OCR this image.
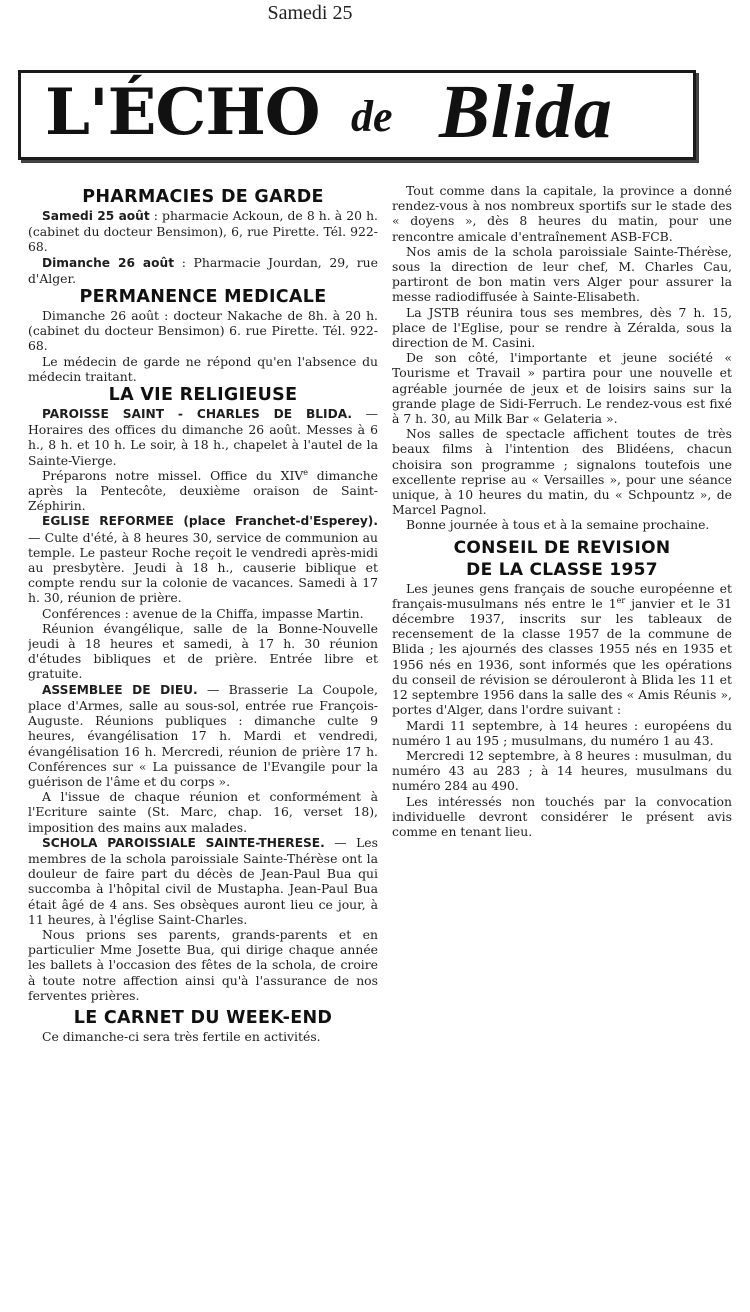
Samedi 25
L'ÉCHO de Blida
PHARMACIES DE GARDE

Samedi 25 août : pharmacie Ackoun, de 8 h. à 20 h. (cabinet du docteur Bensimon), 6, rue Pirette. Tél. 922-68.

Dimanche 26 août : Pharmacie Jourdan, 29, rue d'Alger.

PERMANENCE MEDICALE

Dimanche 26 août : docteur Nakache de 8h. à 20 h. (cabinet du docteur Bensimon) 6. rue Pirette. Tél. 922-68.

Le médecin de garde ne répond qu'en l'absence du médecin traitant.

LA VIE RELIGIEUSE

PAROISSE SAINT - CHARLES DE BLIDA. — Horaires des offices du dimanche 26 août. Messes à 6 h., 8 h. et 10 h. Le soir, à 18 h., chapelet à l'autel de la Sainte-Vierge.

Préparons notre missel. Office du XIVe dimanche après la Pentecôte, deuxième oraison de Saint-Zéphirin.

EGLISE REFORMEE (place Franchet-d'Esperey). — Culte d'été, à 8 heures 30, service de communion au temple. Le pasteur Roche reçoit le vendredi après-midi au presbytère. Jeudi à 18 h., causerie biblique et compte rendu sur la colonie de vacances. Samedi à 17 h. 30, réunion de prière.

Conférences : avenue de la Chiffa, impasse Martin.

Réunion évangélique, salle de la Bonne-Nouvelle jeudi à 18 heures et samedi, à 17 h. 30 réunion d'études bibliques et de prière. Entrée libre et gratuite.

ASSEMBLEE DE DIEU. — Brasserie La Coupole, place d'Armes, salle au sous-sol, entrée rue François-Auguste. Réunions publiques : dimanche culte 9 heures, évangélisation 17 h. Mardi et vendredi, évangélisation 16 h. Mercredi, réunion de prière 17 h. Conférences sur « La puissance de l'Evangile pour la guérison de l'âme et du corps ».

A l'issue de chaque réunion et conformément à l'Ecriture sainte (St. Marc, chap. 16, verset 18), imposition des mains aux malades.

SCHOLA PAROISSIALE SAINTE-THERESE. — Les membres de la schola paroissiale Sainte-Thérèse ont la douleur de faire part du décès de Jean-Paul Bua qui succomba à l'hôpital civil de Mustapha. Jean-Paul Bua était âgé de 4 ans. Ses obsèques auront lieu ce jour, à 11 heures, à l'église Saint-Charles.

Nous prions ses parents, grands-parents et en particulier Mme Josette Bua, qui dirige chaque année les ballets à l'occasion des fêtes de la schola, de croire à toute notre affection ainsi qu'à l'assurance de nos ferventes prières.

LE CARNET DU WEEK-END

Ce dimanche-ci sera très fertile en activités.

Tout comme dans la capitale, la province a donné rendez-vous à nos nombreux sportifs sur le stade des « doyens », dès 8 heures du matin, pour une rencontre amicale d'entraînement ASB-FCB.

Nos amis de la schola paroissiale Sainte-Thérèse, sous la direction de leur chef, M. Charles Cau, partiront de bon matin vers Alger pour assurer la messe radiodiffusée à Sainte-Elisabeth.

La JSTB réunira tous ses membres, dès 7 h. 15, place de l'Eglise, pour se rendre à Zéralda, sous la direction de M. Casini.

De son côté, l'importante et jeune société « Tourisme et Travail » partira pour une nouvelle et agréable journée de jeux et de loisirs sains sur la grande plage de Sidi-Ferruch. Le rendez-vous est fixé à 7 h. 30, au Milk Bar « Gelateria ».

Nos salles de spectacle affichent toutes de très beaux films à l'intention des Blidéens, chacun choisira son programme ; signalons toutefois une excellente reprise au « Versailles », pour une séance unique, à 10 heures du matin, du « Schpountz », de Marcel Pagnol.

Bonne journée à tous et à la semaine prochaine.

CONSEIL DE REVISION
DE LA CLASSE 1957

Les jeunes gens français de souche européenne et français-musulmans nés entre le 1er janvier et le 31 décembre 1937, inscrits sur les tableaux de recensement de la classe 1957 de la commune de Blida ; les ajournés des classes 1955 nés en 1935 et 1956 nés en 1936, sont informés que les opérations du conseil de révision se dérouleront à Blida les 11 et 12 septembre 1956 dans la salle des « Amis Réunis », portes d'Alger, dans l'ordre suivant :

Mardi 11 septembre, à 14 heures : européens du numéro 1 au 195 ; musulmans, du numéro 1 au 43.

Mercredi 12 septembre, à 8 heures : musulman, du numéro 43 au 283 ; à 14 heures, musulmans du numéro 284 au 490.

Les intéressés non touchés par la convocation individuelle devront considérer le présent avis comme en tenant lieu.
